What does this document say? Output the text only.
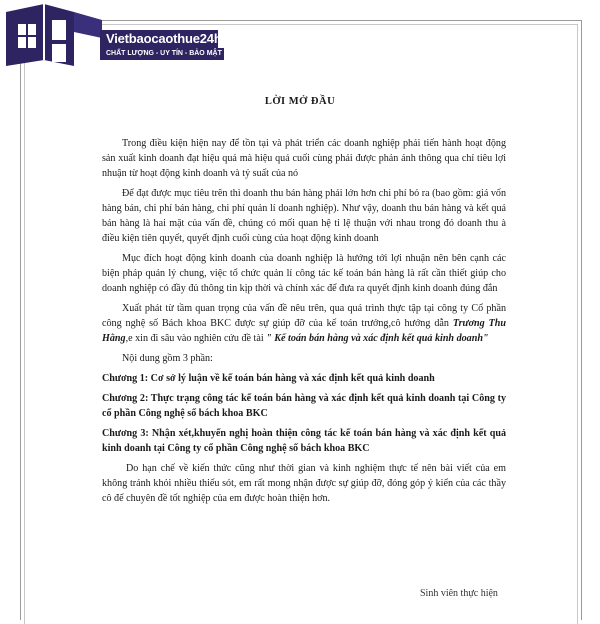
Vietbaocaothue24h
CHẤT LƯỢNG - UY TÍN - BẢO MẬT
LỜI MỞ ĐẦU

Trong điều kiện hiện nay để tồn tại và phát triển các doanh nghiệp phải tiến hành hoạt động sản xuất kinh doanh đạt hiệu quả mà hiệu quả cuối cùng phải được phản ánh thông qua chỉ tiêu lợi nhuận từ hoạt động kinh doanh và tỷ suất của nó

Để đạt được mục tiêu trên thì doanh thu bán hàng phải lớn hơn chi phí bỏ ra (bao gồm: giá vốn hàng bán, chi phí bán hàng, chi phí quản lí doanh nghiệp). Như vậy, doanh thu bán hàng và kết quả bán hàng là hai mặt của vấn đề, chúng có mối quan hệ tỉ lệ thuận với nhau trong đó doanh thu à điều kiện tiên quyết, quyết định cuối cùng của hoạt động kinh doanh

Mục đích hoạt động kinh doanh của doanh nghiệp là hướng tới lợi nhuận nên bên cạnh các biện pháp quản lý chung, việc tổ chức quản lí công tác kế toán bán hàng là rất cần thiết giúp cho doanh nghiệp có đầy đủ thông tin kịp thời và chính xác để đưa ra quyết định kinh doanh đúng đắn

Xuất phát từ tầm quan trọng của vấn đề nêu trên, qua quá trình thực tập tại công ty Cổ phần công nghệ số Bách khoa BKC được sự giúp đỡ của kế toán trưởng,cô hướng dẫn Trương Thu Hằng,e xin đi sâu vào nghiên cứu đề tài " Kế toán bán hàng và xác định kết quả kinh doanh"

Nội dung gồm 3 phần:

Chương 1: Cơ sở lý luận về kế toán bán hàng và xác định kết quả kinh doanh

Chương 2: Thực trạng công tác kế toán bán hàng và xác định kết quả kinh doanh tại Công ty cổ phần Công nghệ số bách khoa BKC

Chương 3: Nhận xét,khuyến nghị hoàn thiện công tác kế toán bán hàng và xác định kết quả kinh doanh tại Công ty cổ phần Công nghệ số bách khoa BKC

Do hạn chế về kiến thức cũng như thời gian và kinh nghiệm thực tế nên bài viết của em không tránh khỏi nhiều thiếu sót, em rất mong nhận được sự giúp đỡ, đóng góp ý kiến của các thầy cô để chuyên đề tốt nghiệp của em được hoàn thiện hơn.

Sinh viên thực hiện
